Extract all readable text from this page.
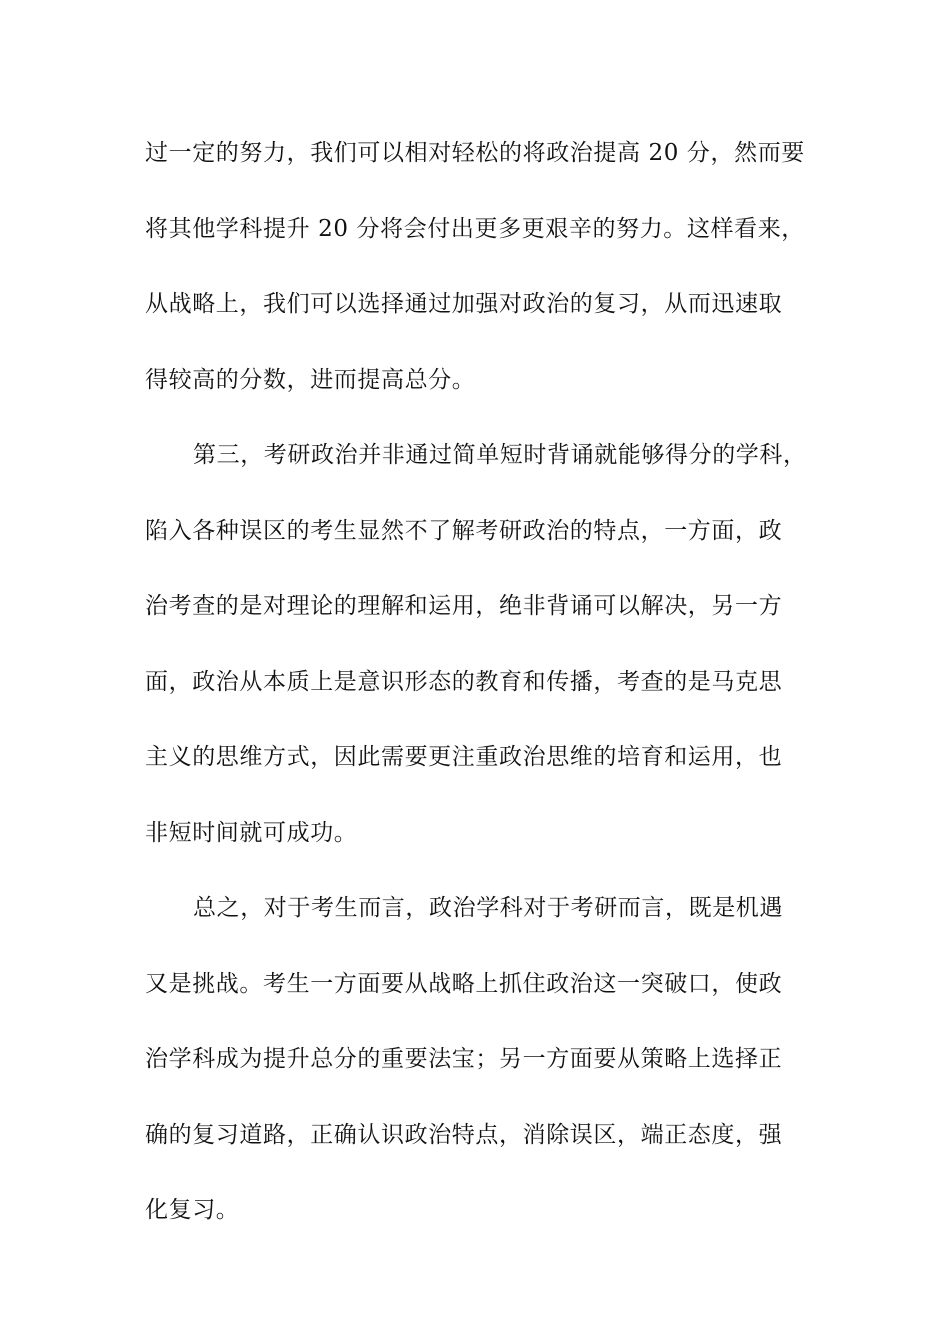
过一定的努力，我们可以相对轻松的将政治提高 20 分，然而要
将其他学科提升 20 分将会付出更多更艰辛的努力。这样看来，
从战略上，我们可以选择通过加强对政治的复习，从而迅速取
得较高的分数，进而提高总分。
第三，考研政治并非通过简单短时背诵就能够得分的学科，
陷入各种误区的考生显然不了解考研政治的特点，一方面，政
治考查的是对理论的理解和运用，绝非背诵可以解决，另一方
面，政治从本质上是意识形态的教育和传播，考查的是马克思
主义的思维方式，因此需要更注重政治思维的培育和运用，也
非短时间就可成功。
总之，对于考生而言，政治学科对于考研而言，既是机遇
又是挑战。考生一方面要从战略上抓住政治这一突破口，使政
治学科成为提升总分的重要法宝；另一方面要从策略上选择正
确的复习道路，正确认识政治特点，消除误区，端正态度，强
化复习。
